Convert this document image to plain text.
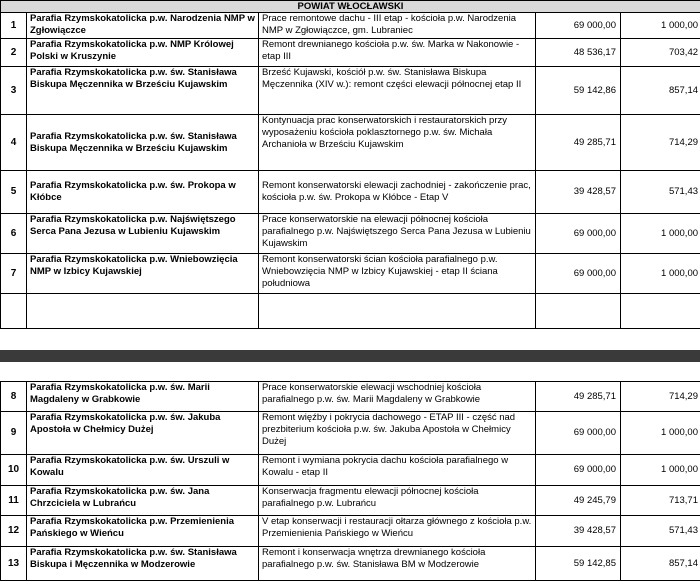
POWIAT WŁOCŁAWSKI				
1	Parafia Rzymskokatolicka p.w. Narodzenia NMP w Zgłowiączce	Prace remontowe dachu - III etap - kościoła p.w. Narodzenia NMP w Zgłowiączce, gm. Lubraniec	69 000,00	1 000,00
2	Parafia Rzymskokatolicka p.w. NMP Królowej Polski w Kruszynie	Remont drewnianego kościoła p.w. św. Marka w Nakonowie - etap III	48 536,17	703,42
3	Parafia Rzymskokatolicka p.w. św. Stanisława Biskupa Męczennika w Brześciu Kujawskim	Brześć Kujawski, kościół p.w. św. Stanisława Biskupa Męczennika (XIV w.): remont części elewacji północnej etap II	59 142,86	857,14
4	Parafia Rzymskokatolicka p.w. św. Stanisława Biskupa Męczennika w Brześciu Kujawskim	Kontynuacja prac konserwatorskich i restauratorskich przy wyposażeniu kościoła poklasztornego p.w. św. Michała Archanioła w Brześciu Kujawskim	49 285,71	714,29
5	Parafia Rzymskokatolicka p.w. św. Prokopa w Kłóbce	Remont konserwatorski elewacji zachodniej - zakończenie prac, kościoła p.w. św. Prokopa w Kłóbce - Etap V	39 428,57	571,43
6	Parafia Rzymskokatolicka p.w. Najświętszego Serca Pana Jezusa w Lubieniu Kujawskim	Prace konserwatorskie na elewacji północnej kościoła parafialnego p.w. Najświętszego Serca Pana Jezusa w Lubieniu Kujawskim	69 000,00	1 000,00
7	Parafia Rzymskokatolicka p.w. Wniebowzięcia NMP w Izbicy Kujawskiej	Remont konserwatorski ścian kościoła parafialnego p.w. Wniebowzięcia NMP w Izbicy Kujawskiej - etap II ściana południowa	69 000,00	1 000,00

8	Parafia Rzymskokatolicka p.w. św. Marii Magdaleny w Grabkowie	Prace konserwatorskie elewacji wschodniej kościoła parafialnego p.w. św. Marii Magdaleny w Grabkowie	49 285,71	714,29
9	Parafia Rzymskokatolicka p.w. św. Jakuba Apostoła w Chełmicy Dużej	Remont więźby i pokrycia dachowego - ETAP III - część nad prezbiterium kościoła p.w. św. Jakuba Apostoła w Chełmicy Dużej	69 000,00	1 000,00
10	Parafia Rzymskokatolicka p.w. św. Urszuli w Kowalu	Remont i wymiana pokrycia dachu kościoła parafialnego w Kowalu - etap II	69 000,00	1 000,00
11	Parafia Rzymskokatolicka p.w. św. Jana Chrzciciela w Lubrańcu	Konserwacja fragmentu elewacji północnej kościoła parafialnego p.w. Lubrańcu	49 245,79	713,71
12	Parafia Rzymskokatolicka p.w. Przemienienia Pańskiego w Wieńcu	V etap konserwacji i restauracji ołtarza głównego z kościoła p.w. Przemienienia Pańskiego w Wieńcu	39 428,57	571,43
13	Parafia Rzymskokatolicka p.w. św. Stanisława Biskupa i Męczennika w Modzerowie	Remont i konserwacja wnętrza drewnianego kościoła parafialnego p.w. św. Stanisława BM w Modzerowie	59 142,85	857,14
